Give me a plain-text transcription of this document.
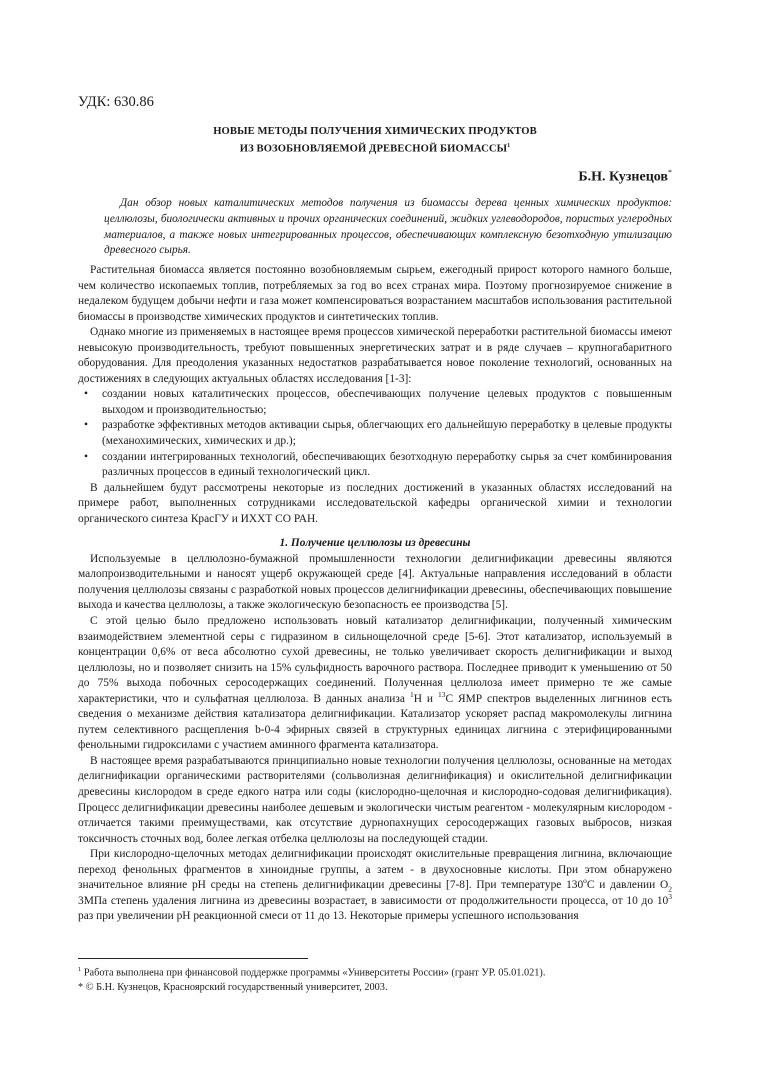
УДК: 630.86
НОВЫЕ МЕТОДЫ ПОЛУЧЕНИЯ ХИМИЧЕСКИХ ПРОДУКТОВ
ИЗ ВОЗОБНОВЛЯЕМОЙ ДРЕВЕСНОЙ БИОМАССЫ$^1$
Б.Н. Кузнецов*
Дан обзор новых каталитических методов получения из биомассы дерева ценных химических продуктов: целлюлозы, биологически активных и прочих органических соединений, жидких углеводородов, пористых углеродных материалов, а также новых интегрированных процессов, обеспечивающих комплексную безотходную утилизацию древесного сырья.

Растительная биомасса является постоянно возобновляемым сырьем, ежегодный прирост которого намного больше, чем количество ископаемых топлив, потребляемых за год во всех странах мира. Поэтому прогнозируемое снижение в недалеком будущем добычи нефти и газа может компенсироваться возрастанием масштабов использования растительной биомассы в производстве химических продуктов и синтетических топлив.

Однако многие из применяемых в настоящее время процессов химической переработки растительной биомассы имеют невысокую производительность, требуют повышенных энергетических затрат и в ряде случаев – крупногабаритного оборудования. Для преодоления указанных недостатков разрабатывается новое поколение технологий, основанных на достижениях в следующих актуальных областях исследования [1-3]:

• создании новых каталитических процессов, обеспечивающих получение целевых продуктов с повышенным выходом и производительностью;
• разработке эффективных методов активации сырья, облегчающих его дальнейшую переработку в целевые продукты (механохимических, химических и др.);
• создании интегрированных технологий, обеспечивающих безотходную переработку сырья за счет комбинирования различных процессов в единый технологический цикл.

В дальнейшем будут рассмотрены некоторые из последних достижений в указанных областях исследований на примере работ, выполненных сотрудниками исследовательской кафедры органической химии и технологии органического синтеза КрасГУ и ИХХТ СО РАН.

1. Получение целлюлозы из древесины

Используемые в целлюлозно-бумажной промышленности технологии делигнификации древесины являются малопроизводительными и наносят ущерб окружающей среде [4]. Актуальные направления исследований в области получения целлюлозы связаны с разработкой новых процессов делигнификации древесины, обеспечивающих повышение выхода и качества целлюлозы, а также экологическую безопасность ее производства [5].

С этой целью было предложено использовать новый катализатор делигнификации, полученный химическим взаимодействием элементной серы с гидразином в сильнощелочной среде [5-6]. Этот катализатор, используемый в концентрации 0,6% от веса абсолютно сухой древесины, не только увеличивает скорость делигнификации и выход целлюлозы, но и позволяет снизить на 15% сульфидность варочного раствора. Последнее приводит к уменьшению от 50 до 75% выхода побочных серосодержащих соединений. Полученная целлюлоза имеет примерно те же самые характеристики, что и сульфатная целлюлоза. В данных анализа $^1$H и $^{13}$C ЯМР спектров выделенных лигнинов есть сведения о механизме действия катализатора делигнификации. Катализатор ускоряет распад макромолекулы лигнина путем селективного расщепления b-0-4 эфирных связей в структурных единицах лигнина с этерифицированными фенольными гидроксилами с участием аминного фрагмента катализатора.

В настоящее время разрабатываются принципиально новые технологии получения целлюлозы, основанные на методах делигнификации органическими растворителями (сольволизная делигнификация) и окислительной делигнификации древесины кислородом в среде едкого натра или соды (кислородно-щелочная и кислородно-содовая делигнификация). Процесс делигнификации древесины наиболее дешевым и экологически чистым реагентом - молекулярным кислородом - отличается такими преимуществами, как отсутствие дурнопахнущих серосодержащих газовых выбросов, низкая токсичность сточных вод, более легкая отбелка целлюлозы на последующей стадии.

При кислородно-щелочных методах делигнификации происходят окислительные превращения лигнина, включающие переход фенольных фрагментов в хиноидные группы, а затем - в двухосновные кислоты. При этом обнаружено значительное влияние pH среды на степень делигнификации древесины [7-8]. При температуре $130^оС$ и давлении $О_2$ 3МПа степень удаления лигнина из древесины возрастает, в зависимости от продолжительности процесса, от 10 до $10^3$ раз при увеличении pH реакционной смеси от 11 до 13. Некоторые примеры успешного использования

$^1$ Работа выполнена при финансовой поддержке программы «Университеты России» (грант УР. 05.01.021).

* © Б.Н. Кузнецов, Красноярский государственный университет, 2003.
